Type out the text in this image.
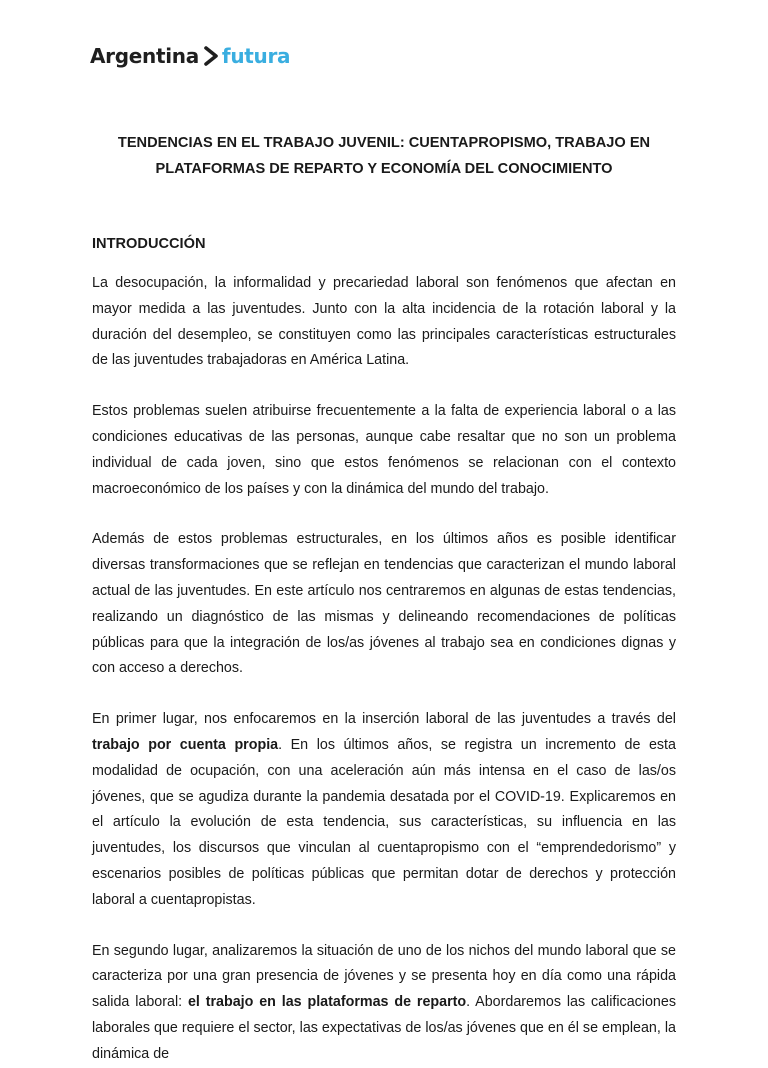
Argentina futura
TENDENCIAS EN EL TRABAJO JUVENIL: CUENTAPROPISMO, TRABAJO EN PLATAFORMAS DE REPARTO Y ECONOMÍA DEL CONOCIMIENTO
INTRODUCCIÓN

La desocupación, la informalidad y precariedad laboral son fenómenos que afectan en mayor medida a las juventudes. Junto con la alta incidencia de la rotación laboral y la duración del desempleo, se constituyen como las principales características estructurales de las juventudes trabajadoras en América Latina.

Estos problemas suelen atribuirse frecuentemente a la falta de experiencia laboral o a las condiciones educativas de las personas, aunque cabe resaltar que no son un problema individual de cada joven, sino que estos fenómenos se relacionan con el contexto macroeconómico de los países y con la dinámica del mundo del trabajo.

Además de estos problemas estructurales, en los últimos años es posible identificar diversas transformaciones que se reflejan en tendencias que caracterizan el mundo laboral actual de las juventudes. En este artículo nos centraremos en algunas de estas tendencias, realizando un diagnóstico de las mismas y delineando recomendaciones de políticas públicas para que la integración de los/as jóvenes al trabajo sea en condiciones dignas y con acceso a derechos.

En primer lugar, nos enfocaremos en la inserción laboral de las juventudes a través del trabajo por cuenta propia. En los últimos años, se registra un incremento de esta modalidad de ocupación, con una aceleración aún más intensa en el caso de las/os jóvenes, que se agudiza durante la pandemia desatada por el COVID-19. Explicaremos en el artículo la evolución de esta tendencia, sus características, su influencia en las juventudes, los discursos que vinculan al cuentapropismo con el “emprendedorismo” y escenarios posibles de políticas públicas que permitan dotar de derechos y protección laboral a cuentapropistas.

En segundo lugar, analizaremos la situación de uno de los nichos del mundo laboral que se caracteriza por una gran presencia de jóvenes y se presenta hoy en día como una rápida salida laboral: el trabajo en las plataformas de reparto. Abordaremos las calificaciones laborales que requiere el sector, las expectativas de los/as jóvenes que en él se emplean, la dinámica de
